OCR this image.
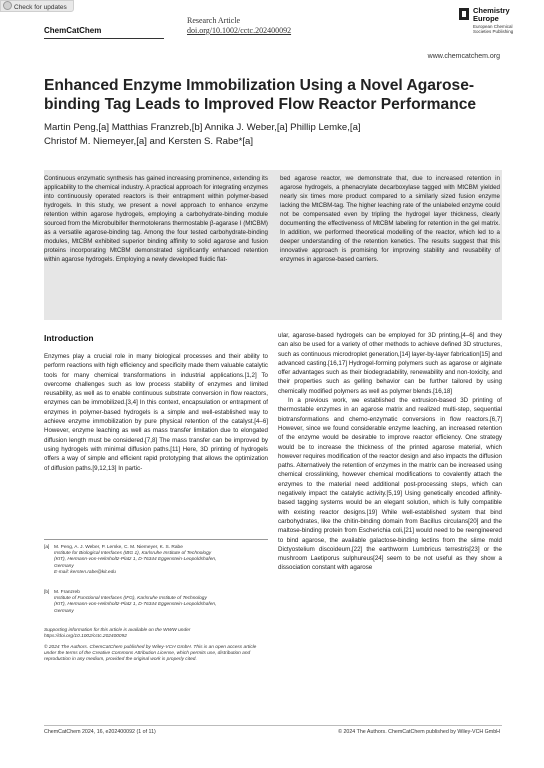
Check for updates
ChemCatChem
Research Article
doi.org/10.1002/cctc.202400092
Chemistry
Europe
European Chemical
Societies Publishing
www.chemcatchem.org
Enhanced Enzyme Immobilization Using a Novel Agarose-binding Tag Leads to Improved Flow Reactor Performance
Martin Peng,[a] Matthias Franzreb,[b] Annika J. Weber,[a] Phillip Lemke,[a]
Christof M. Niemeyer,[a] and Kersten S. Rabe*[a]
Continuous enzymatic synthesis has gained increasing prominence, extending its applicability to the chemical industry. A practical approach for integrating enzymes into continuously operated reactors is their entrapment within polymer-based hydrogels. In this study, we present a novel approach to enhance enzyme retention within agarose hydrogels, employing a carbohydrate-binding module sourced from the Microbulbifer thermotolerans thermostable β-agarase I (MtCBM) as a versatile agarose-binding tag. Among the four tested carbohydrate-binding modules, MtCBM exhibited superior binding affinity to solid agarose and fusion proteins incorporating MtCBM demonstrated significantly enhanced retention within agarose hydrogels. Employing a newly developed fluidic flat-
bed agarose reactor, we demonstrate that, due to increased retention in agarose hydrogels, a phenacrylate decarboxylase tagged with MtCBM yielded nearly six times more product compared to a similarly sized fusion enzyme lacking the MtCBM-tag. The higher leaching rate of the unlabeled enzyme could not be compensated even by tripling the hydrogel layer thickness, clearly documenting the effectiveness of MtCBM labeling for retention in the gel matrix. In addition, we performed theoretical modelling of the reactor, which led to a deeper understanding of the retention kenetics. The results suggest that this innovative approach is promising for improving stability and reusability of enzymes in agarose-based carriers.
Introduction
Enzymes play a crucial role in many biological processes and their ability to perform reactions with high efficiency and specificity made them valuable catalytic tools for many chemical transformations in industrial applications.[1,2] To overcome challenges such as low process stability of enzymes and limited reusability, as well as to enable continuous substrate conversion in flow reactors, enzymes can be immobilized.[3,4] In this context, encapsulation or entrapment of enzymes in polymer-based hydrogels is a simple and well-established way to achieve enzyme immobilization by pure physical retention of the catalyst.[4–6] However, enzyme leaching as well as mass transfer limitation due to elongated diffusion length must be considered.[7,8] The mass transfer can be improved by using hydrogels with minimal diffusion paths.[11] Here, 3D printing of hydrogels offers a way of simple and efficient rapid prototyping that allows the optimization of diffusion paths.[9,12,13] In partic-
ular, agarose-based hydrogels can be employed for 3D printing,[4–6] and they can also be used for a variety of other methods to achieve defined 3D structures, such as continuous microdroplet generation,[14] layer-by-layer fabrication[15] and advanced casting.[16,17] Hydrogel-forming polymers such as agarose or alginate offer advantages such as their biodegradability, renewability and non-toxicity, and their properties such as gelling behavior can be further tailored by using chemically modified polymers as well as polymer blends.[16,18]
In a previous work, we established the extrusion-based 3D printing of thermostable enzymes in an agarose matrix and realized multi-step, sequential biotransformations and chemo-enzymatic conversions in flow reactors.[6,7] However, since we found considerable enzyme leaching, an increased retention of the enzyme would be desirable to improve reactor efficiency. One strategy would be to increase the thickness of the printed agarose material, which however requires modification of the reactor design and also impacts the diffusion paths. Alternatively the retention of enzymes in the matrix can be increased using chemical crosslinking, however chemical modifications to covalently attach the enzymes to the material need additional post-processing steps, which can negatively impact the catalytic activity.[5,19] Using genetically encoded affinity-based tagging systems would be an elegant solution, which is fully compatible with existing reactor designs.[19] While well-established system that bind carbohydrates, like the chitin-binding domain from Bacillus circulans[20] and the maltose-binding protein from Escherichia coli,[21] would need to be reengineered to bind agarose, the available galactose-binding lectins from the slime mold Dictyostelium discoideum,[22] the earthworm Lumbricus terrestris[23] or the mushroom Laetiporus sulphureus[24] seem to be not useful as they show a dissociation constant with agarose
[a] M. Peng, A. J. Weber, P. Lemke, C. M. Niemeyer, K. S. Rabe
Institute for Biological Interfaces (IBG 1), Karlsruhe Institute of Technology
(KIT), Hermann-von-Helmholtz-Platz 1, D-76344 Eggenstein-Leopoldshafen,
Germany
E-mail: kersten.rabe@kit.edu
[b] M. Franzreb
Institute of Functional Interfaces (IFG), Karlsruhe Institute of Technology
(KIT), Hermann-von-Helmholtz-Platz 1, D-76344 Eggenstein-Leopoldshafen,
Germany
Supporting information for this article is available on the WWW under https://doi.org/10.1002/cctc.202400092
© 2024 The Authors. ChemCatChem published by Wiley-VCH GmbH. This is an open access article under the terms of the Creative Commons Attribution License, which permits use, distribution and reproduction in any medium, provided the original work is properly cited.
ChemCatChem 2024, 16, e202400092 (1 of 11)	© 2024 The Authors. ChemCatChem published by Wiley-VCH GmbH
